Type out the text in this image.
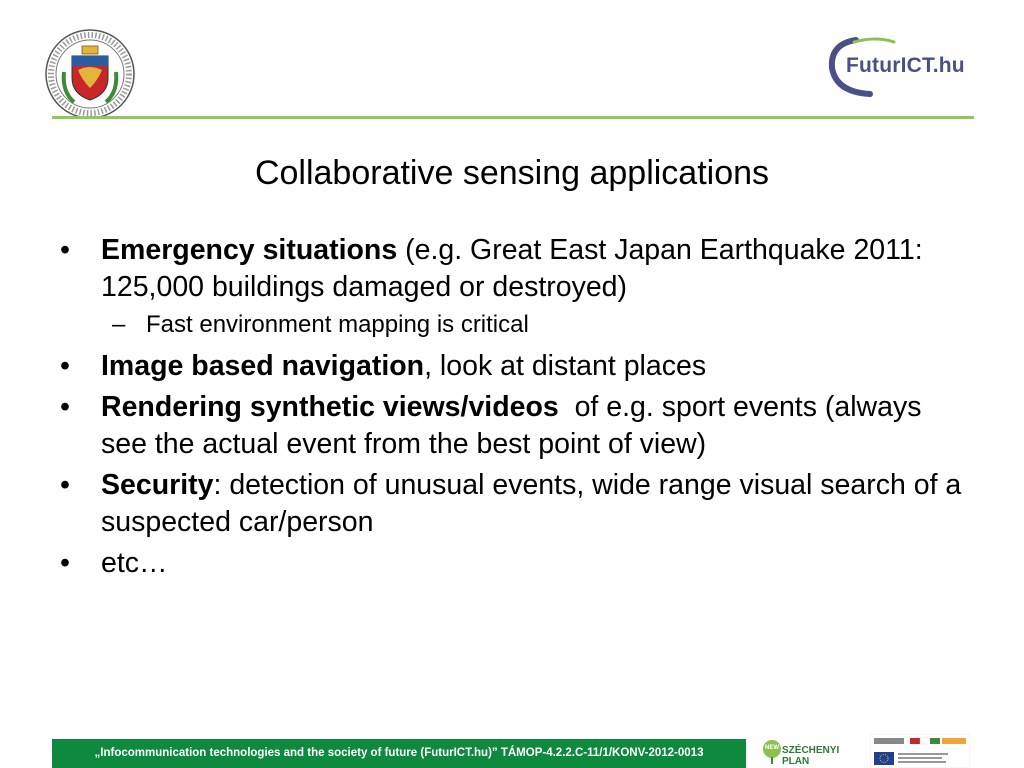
FuturICT.hu
Collaborative sensing applications
• Emergency situations (e.g. Great East Japan Earthquake 2011: 125,000 buildings damaged or destroyed)
– Fast environment mapping is critical
• Image based navigation, look at distant places
• Rendering synthetic views/videos  of e.g. sport events (always see the actual event from the best point of view)
• Security: detection of unusual events, wide range visual search of a suspected car/person
• etc…
„Infocommunication technologies and the society of future (FuturICT.hu)” TÁMOP-4.2.2.C-11/1/KONV-2012-0013	NEW SZÉCHENYI PLAN
